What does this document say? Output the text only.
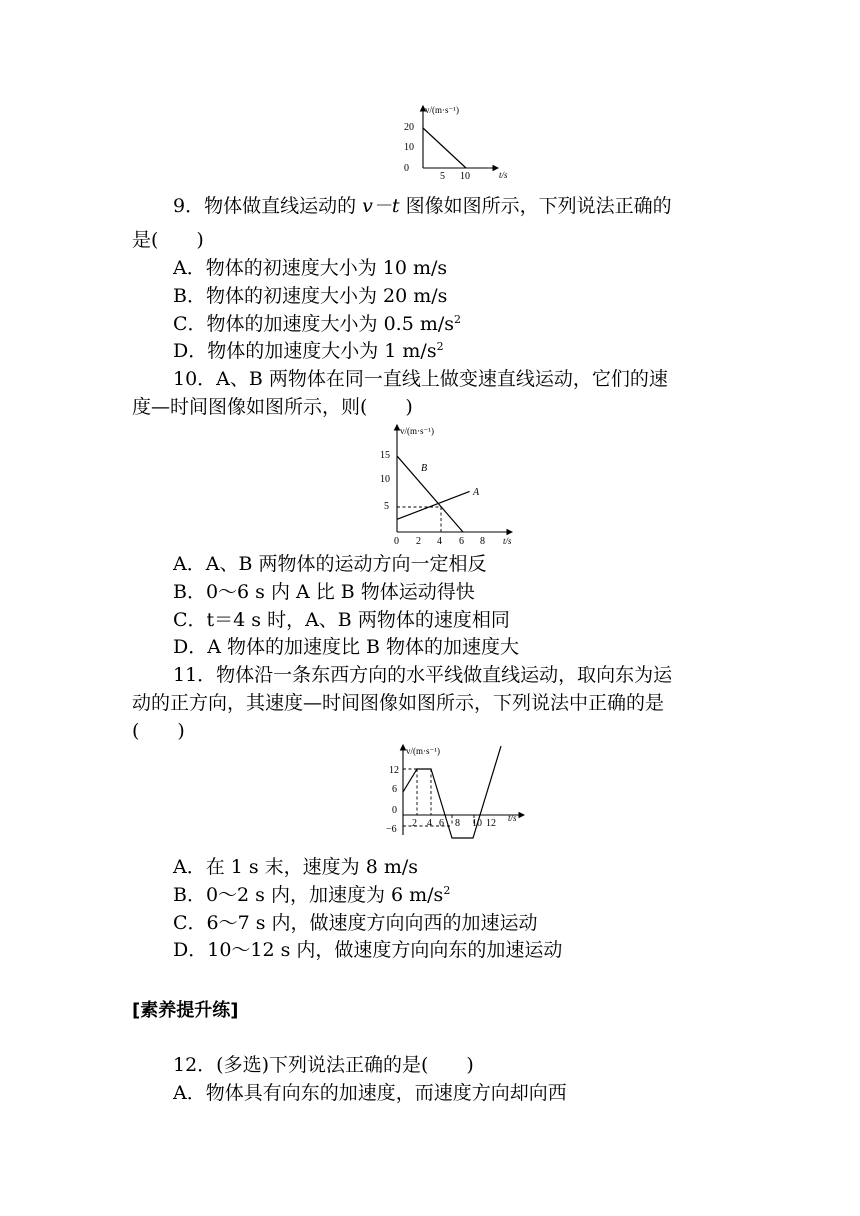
v/(m·s⁻¹)
t/s
0
10
20
5 10
9．物体做直线运动的 v－t 图像如图所示，下列说法正确的
是(　　)
A．物体的初速度大小为 10 m/s
B．物体的初速度大小为 20 m/s
C．物体的加速度大小为 0.5 $m/s^2$
D．物体的加速度大小为 1 $m/s^2$
10．A、B 两物体在同一直线上做变速直线运动，它们的速
度—时间图像如图所示，则(　　)
v/(m·s⁻¹)
t/s
5
10
15
0 2 4 6 8
B
A
A．A、B 两物体的运动方向一定相反
B．0～6 s 内 A 比 B 物体运动得快
C．t＝4 s 时，A、B 两物体的速度相同
D．A 物体的加速度比 B 物体的加速度大
11．物体沿一条东西方向的水平线做直线运动，取向东为运
动的正方向，其速度—时间图像如图所示，下列说法中正确的是
(　　)
v/(m·s⁻¹)
t/s
12
6
0
−6
2 4 6 8 10 12
A．在 1 s 末，速度为 8 m/s
B．0～2 s 内，加速度为 6 $m/s^2$
C．6～7 s 内，做速度方向向西的加速运动
D．10～12 s 内，做速度方向向东的加速运动
[素养提升练]
12．(多选)下列说法正确的是(　　)
A．物体具有向东的加速度，而速度方向却向西
